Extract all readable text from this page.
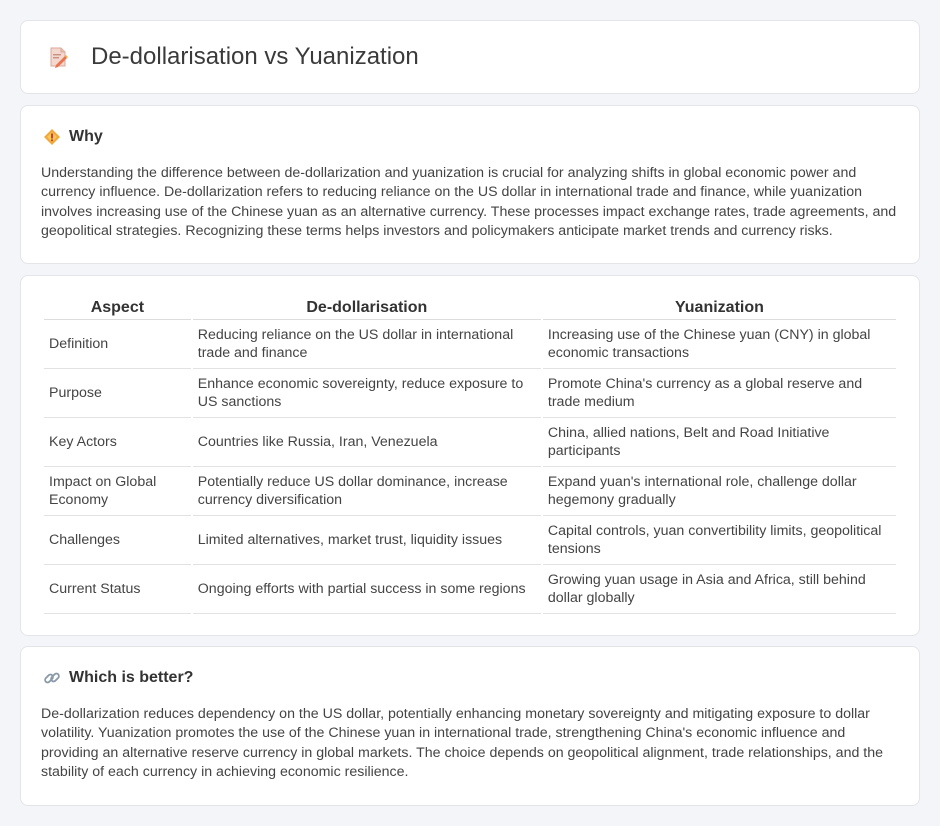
De-dollarisation vs Yuanization
Why

Understanding the difference between de-dollarization and yuanization is crucial for analyzing shifts in global economic power and currency influence. De-dollarization refers to reducing reliance on the US dollar in international trade and finance, while yuanization involves increasing use of the Chinese yuan as an alternative currency. These processes impact exchange rates, trade agreements, and geopolitical strategies. Recognizing these terms helps investors and policymakers anticipate market trends and currency risks.

Aspect	De-dollarisation	Yuanization
Definition	Reducing reliance on the US dollar in international trade and finance	Increasing use of the Chinese yuan (CNY) in global economic transactions
Purpose	Enhance economic sovereignty, reduce exposure to US sanctions	Promote China's currency as a global reserve and trade medium
Key Actors	Countries like Russia, Iran, Venezuela	China, allied nations, Belt and Road Initiative participants
Impact on Global Economy	Potentially reduce US dollar dominance, increase currency diversification	Expand yuan's international role, challenge dollar hegemony gradually
Challenges	Limited alternatives, market trust, liquidity issues	Capital controls, yuan convertibility limits, geopolitical tensions
Current Status	Ongoing efforts with partial success in some regions	Growing yuan usage in Asia and Africa, still behind dollar globally
Which is better?

De-dollarization reduces dependency on the US dollar, potentially enhancing monetary sovereignty and mitigating exposure to dollar volatility. Yuanization promotes the use of the Chinese yuan in international trade, strengthening China's economic influence and providing an alternative reserve currency in global markets. The choice depends on geopolitical alignment, trade relationships, and the stability of each currency in achieving economic resilience.
